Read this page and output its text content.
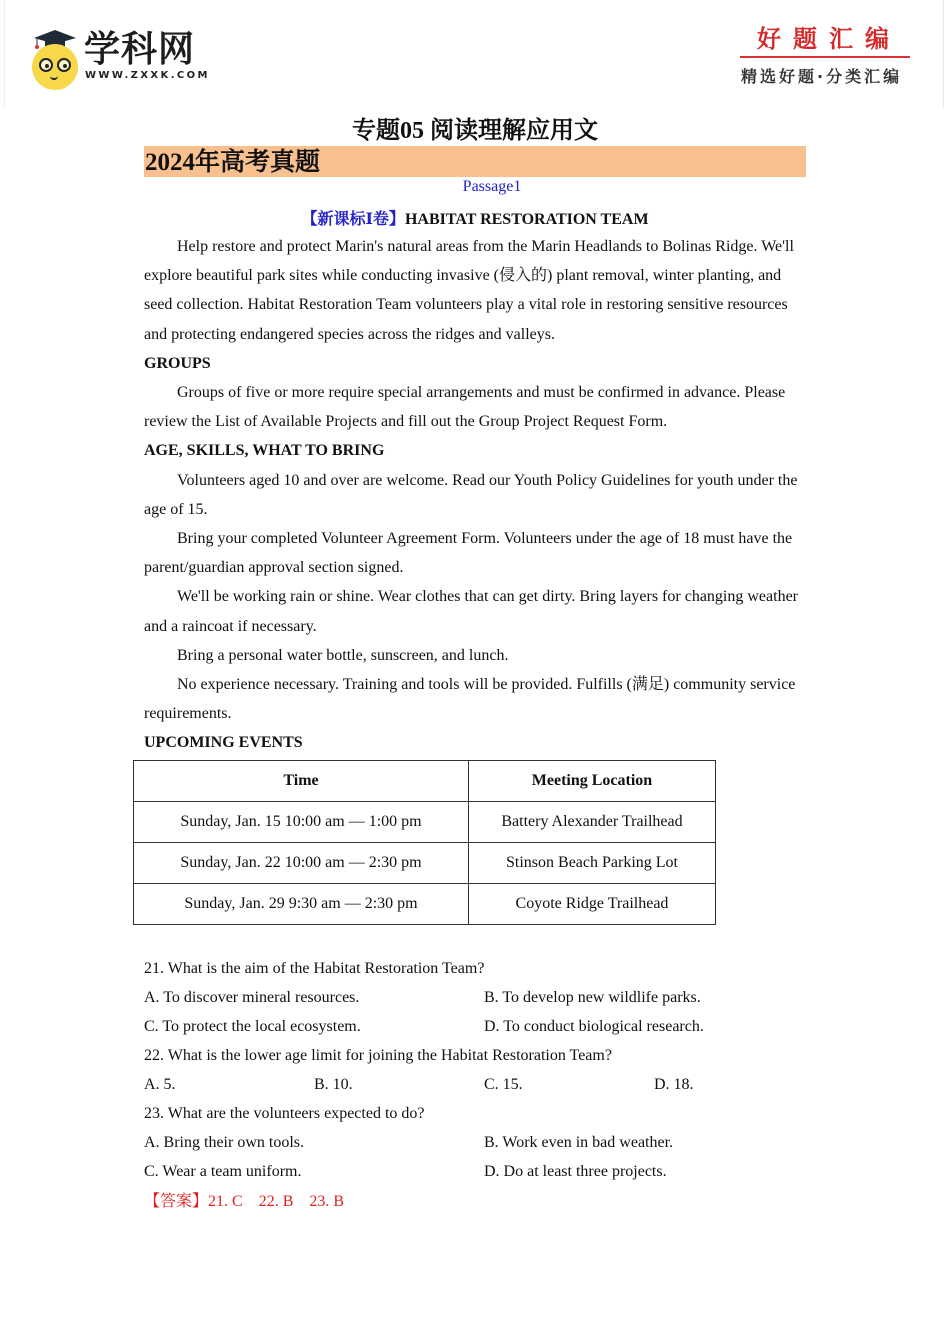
学科网
WWW.ZXXK.COM
好题汇编
精选好题·分类汇编
专题05 阅读理解应用文
2024年高考真题
Passage1
【新课标Ⅰ卷】HABITAT RESTORATION TEAM

Help restore and protect Marin's natural areas from the Marin Headlands to Bolinas Ridge. We'll explore beautiful park sites while conducting invasive (侵入的) plant removal, winter planting, and seed collection. Habitat Restoration Team volunteers play a vital role in restoring sensitive resources and protecting endangered species across the ridges and valleys.

GROUPS

Groups of five or more require special arrangements and must be confirmed in advance. Please review the List of Available Projects and fill out the Group Project Request Form.

AGE, SKILLS, WHAT TO BRING

Volunteers aged 10 and over are welcome. Read our Youth Policy Guidelines for youth under the age of 15.

Bring your completed Volunteer Agreement Form. Volunteers under the age of 18 must have the parent/guardian approval section signed.

We'll be working rain or shine. Wear clothes that can get dirty. Bring layers for changing weather and a raincoat if necessary.

Bring a personal water bottle, sunscreen, and lunch.

No experience necessary. Training and tools will be provided. Fulfills (满足) community service requirements.

UPCOMING EVENTS

Time	Meeting Location
Sunday, Jan. 15 10:00 am — 1:00 pm	Battery Alexander Trailhead
Sunday, Jan. 22 10:00 am — 2:30 pm	Stinson Beach Parking Lot
Sunday, Jan. 29 9:30 am — 2:30 pm	Coyote Ridge Trailhead

21. What is the aim of the Habitat Restoration Team?

A. To discover mineral resources.	B. To develop new wildlife parks.
C. To protect the local ecosystem.	D. To conduct biological research.

22. What is the lower age limit for joining the Habitat Restoration Team?

A. 5.	B. 10.	C. 15.	D. 18.

23. What are the volunteers expected to do?

A. Bring their own tools.	B. Work even in bad weather.
C. Wear a team uniform.	D. Do at least three projects.
【答案】21. C    22. B    23. B
